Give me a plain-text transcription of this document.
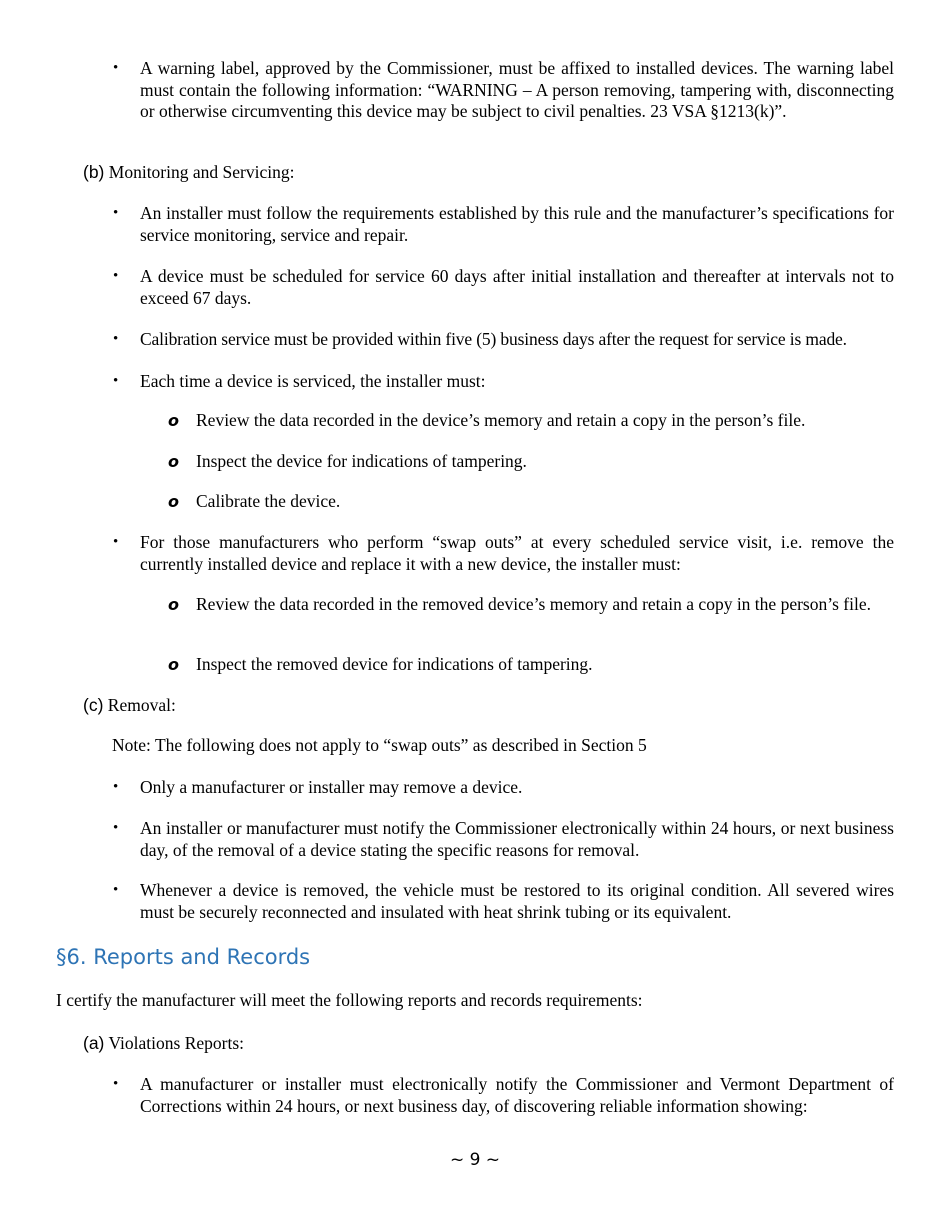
• A warning label, approved by the Commissioner, must be affixed to installed devices. The warning label must contain the following information: “WARNING – A person removing, tampering with, disconnecting or otherwise circumventing this device may be subject to civil penalties. 23 VSA §1213(k)”.
(b) Monitoring and Servicing:
• An installer must follow the requirements established by this rule and the manufacturer’s specifications for service monitoring, service and repair.
• A device must be scheduled for service 60 days after initial installation and thereafter at intervals not to exceed 67 days.
• Calibration service must be provided within five (5) business days after the request for service is made.
• Each time a device is serviced, the installer must:
o Review the data recorded in the device’s memory and retain a copy in the person’s file.
o Inspect the device for indications of tampering.
o Calibrate the device.
• For those manufacturers who perform “swap outs” at every scheduled service visit, i.e. remove the currently installed device and replace it with a new device, the installer must:
o Review the data recorded in the removed device’s memory and retain a copy in the person’s file.
o Inspect the removed device for indications of tampering.
(c) Removal:
Note: The following does not apply to “swap outs” as described in Section 5
• Only a manufacturer or installer may remove a device.
• An installer or manufacturer must notify the Commissioner electronically within 24 hours, or next business day, of the removal of a device stating the specific reasons for removal.
• Whenever a device is removed, the vehicle must be restored to its original condition. All severed wires must be securely reconnected and insulated with heat shrink tubing or its equivalent.
§6. Reports and Records
I certify the manufacturer will meet the following reports and records requirements:
(a) Violations Reports:
• A manufacturer or installer must electronically notify the Commissioner and Vermont Department of Corrections within 24 hours, or next business day, of discovering reliable information showing:
~ 9 ~
